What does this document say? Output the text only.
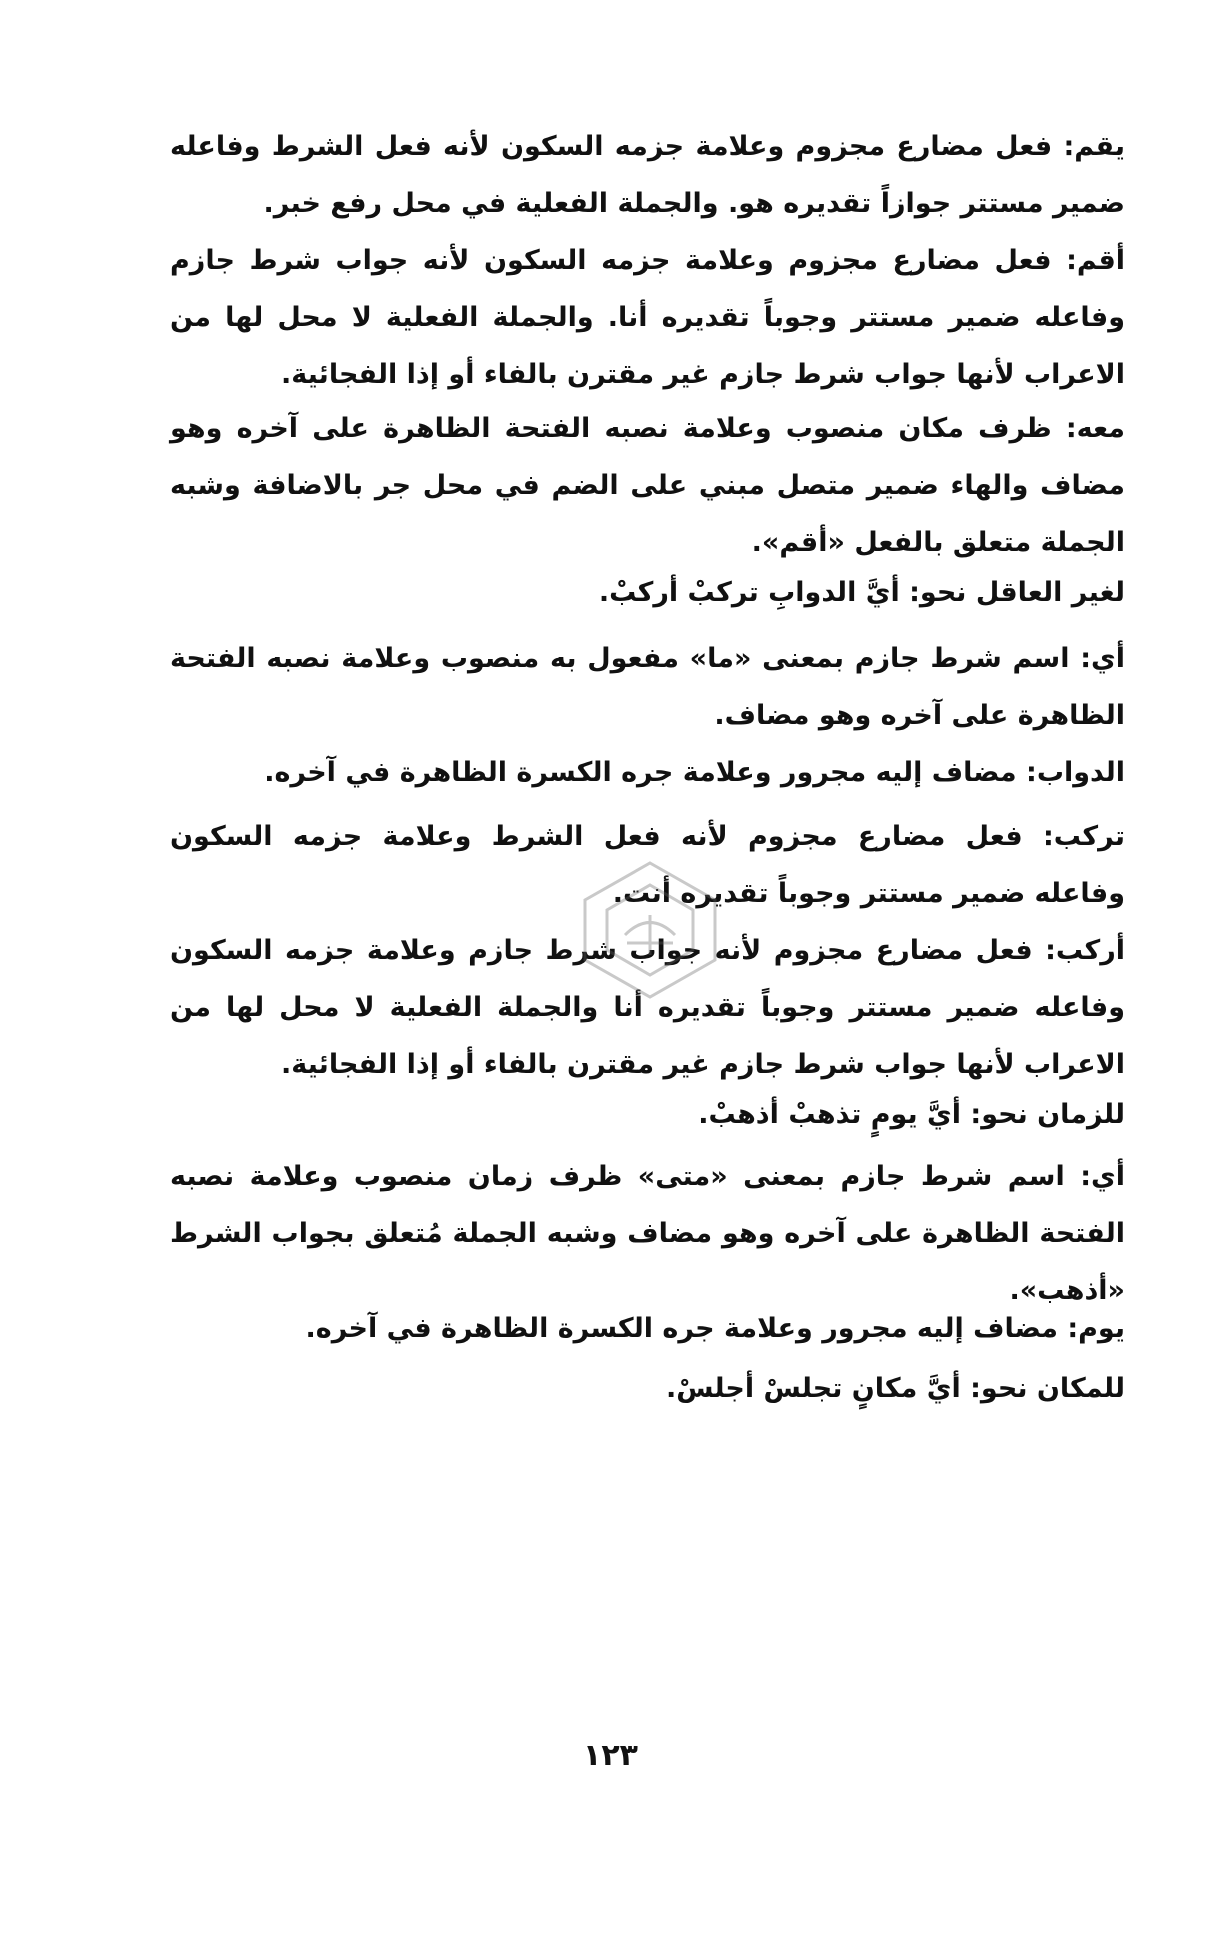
يقم: فعل مضارع مجزوم وعلامة جزمه السكون لأنه فعل الشرط وفاعله ضمير مستتر جوازاً تقديره هو. والجملة الفعلية في محل رفع خبر.

أقم: فعل مضارع مجزوم وعلامة جزمه السكون لأنه جواب شرط جازم وفاعله ضمير مستتر وجوباً تقديره أنا. والجملة الفعلية لا محل لها من الاعراب لأنها جواب شرط جازم غير مقترن بالفاء أو إذا الفجائية.

معه: ظرف مكان منصوب وعلامة نصبه الفتحة الظاهرة على آخره وهو مضاف والهاء ضمير متصل مبني على الضم في محل جر بالاضافة وشبه الجملة متعلق بالفعل «أقم».

لغير العاقل نحو: أيَّ الدوابِ تركبْ أركبْ.

أي: اسم شرط جازم بمعنى «ما» مفعول به منصوب وعلامة نصبه الفتحة الظاهرة على آخره وهو مضاف.

الدواب: مضاف إليه مجرور وعلامة جره الكسرة الظاهرة في آخره.

تركب: فعل مضارع مجزوم لأنه فعل الشرط وعلامة جزمه السكون وفاعله ضمير مستتر وجوباً تقديره أنت.

أركب: فعل مضارع مجزوم لأنه جواب شرط جازم وعلامة جزمه السكون وفاعله ضمير مستتر وجوباً تقديره أنا والجملة الفعلية لا محل لها من الاعراب لأنها جواب شرط جازم غير مقترن بالفاء أو إذا الفجائية.

للزمان نحو: أيَّ يومٍ تذهبْ أذهبْ.

أي: اسم شرط جازم بمعنى «متى» ظرف زمان منصوب وعلامة نصبه الفتحة الظاهرة على آخره وهو مضاف وشبه الجملة مُتعلق بجواب الشرط «أذهب».

يوم: مضاف إليه مجرور وعلامة جره الكسرة الظاهرة في آخره.

للمكان نحو: أيَّ مكانٍ تجلسْ أجلسْ.

١٢٣
